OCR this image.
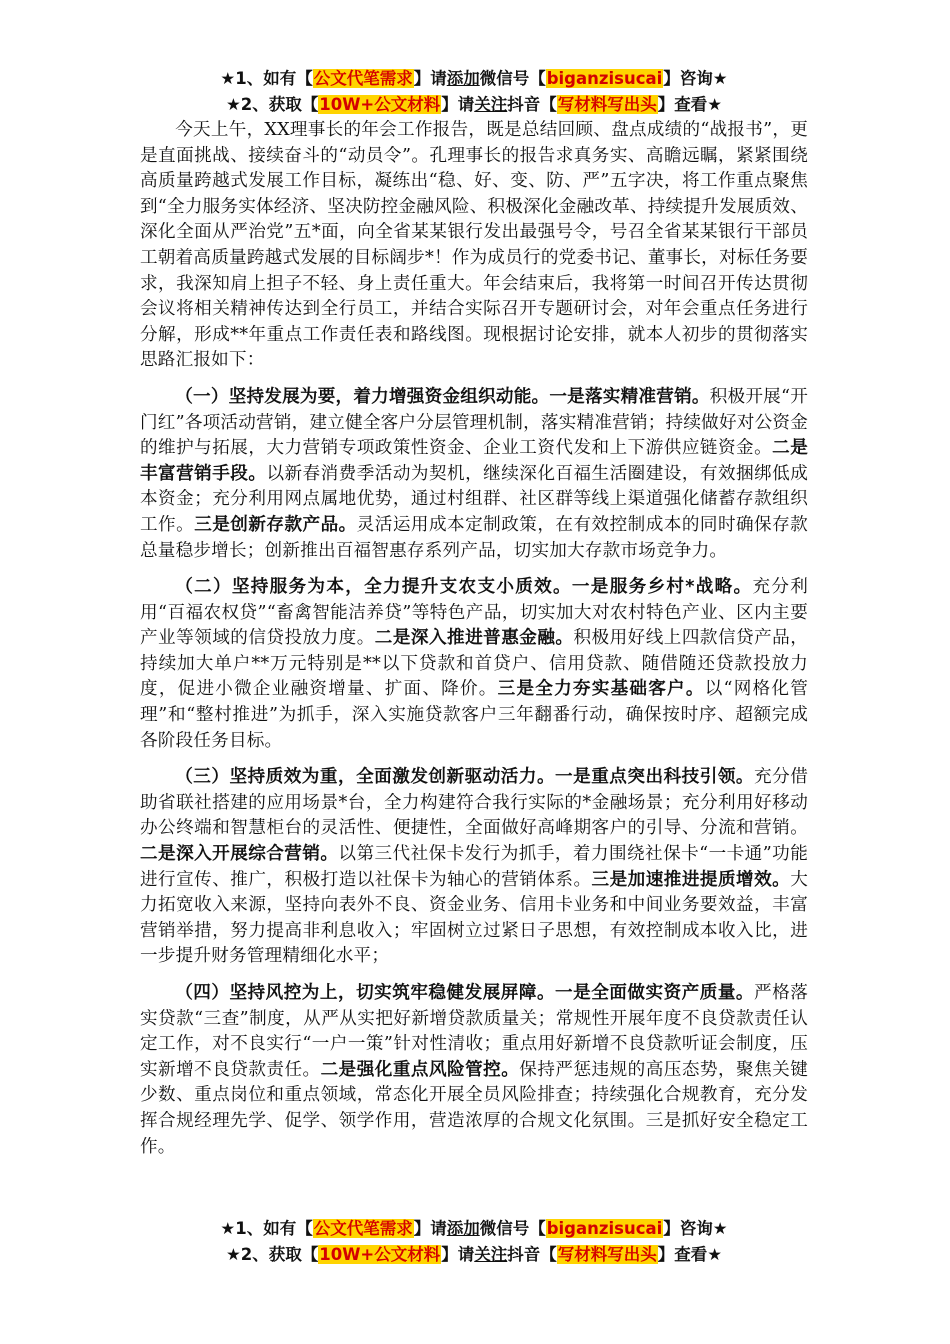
★1、如有【公文代笔需求】请添加微信号【biganzisucai】咨询★
★2、获取【10W+公文材料】请关注抖音【写材料写出头】查看★

今天上午，XX理事长的年会工作报告，既是总结回顾、盘点成绩的“战报书”，更是直面挑战、接续奋斗的“动员令”。孔理事长的报告求真务实、高瞻远瞩，紧紧围绕高质量跨越式发展工作目标，凝练出“稳、好、变、防、严”五字决，将工作重点聚焦到“全力服务实体经济、坚决防控金融风险、积极深化金融改革、持续提升发展质效、深化全面从严治党”五*面，向全省某某银行发出最强号令，号召全省某某银行干部员工朝着高质量跨越式发展的目标阔步*！作为成员行的党委书记、董事长，对标任务要求，我深知肩上担子不轻、身上责任重大。年会结束后，我将第一时间召开传达贯彻会议将相关精神传达到全行员工，并结合实际召开专题研讨会，对年会重点任务进行分解，形成**年重点工作责任表和路线图。现根据讨论安排，就本人初步的贯彻落实思路汇报如下：

（一）坚持发展为要，着力增强资金组织动能。一是落实精准营销。积极开展“开门红”各项活动营销，建立健全客户分层管理机制，落实精准营销；持续做好对公资金的维护与拓展，大力营销专项政策性资金、企业工资代发和上下游供应链资金。二是丰富营销手段。以新春消费季活动为契机，继续深化百福生活圈建设，有效捆绑低成本资金；充分利用网点属地优势，通过村组群、社区群等线上渠道强化储蓄存款组织工作。三是创新存款产品。灵活运用成本定制政策，在有效控制成本的同时确保存款总量稳步增长；创新推出百福智惠存系列产品，切实加大存款市场竞争力。

（二）坚持服务为本，全力提升支农支小质效。一是服务乡村*战略。充分利用“百福农权贷”“畜禽智能洁养贷”等特色产品，切实加大对农村特色产业、区内主要产业等领域的信贷投放力度。二是深入推进普惠金融。积极用好线上四款信贷产品，持续加大单户**万元特别是**以下贷款和首贷户、信用贷款、随借随还贷款投放力度，促进小微企业融资增量、扩面、降价。三是全力夯实基础客户。以“网格化管理”和“整村推进”为抓手，深入实施贷款客户三年翻番行动，确保按时序、超额完成各阶段任务目标。

（三）坚持质效为重，全面激发创新驱动活力。一是重点突出科技引领。充分借助省联社搭建的应用场景*台，全力构建符合我行实际的*金融场景；充分利用好移动办公终端和智慧柜台的灵活性、便捷性，全面做好高峰期客户的引导、分流和营销。二是深入开展综合营销。以第三代社保卡发行为抓手，着力围绕社保卡“一卡通”功能进行宣传、推广，积极打造以社保卡为轴心的营销体系。三是加速推进提质增效。大力拓宽收入来源，坚持向表外不良、资金业务、信用卡业务和中间业务要效益，丰富营销举措，努力提高非利息收入；牢固树立过紧日子思想，有效控制成本收入比，进一步提升财务管理精细化水平；

（四）坚持风控为上，切实筑牢稳健发展屏障。一是全面做实资产质量。严格落实贷款“三查”制度，从严从实把好新增贷款质量关；常规性开展年度不良贷款责任认定工作，对不良实行“一户一策”针对性清收；重点用好新增不良贷款听证会制度，压实新增不良贷款责任。二是强化重点风险管控。保持严惩违规的高压态势，聚焦关键少数、重点岗位和重点领域，常态化开展全员风险排查；持续强化合规教育，充分发挥合规经理先学、促学、领学作用，营造浓厚的合规文化氛围。三是抓好安全稳定工作。

★1、如有【公文代笔需求】请添加微信号【biganzisucai】咨询★
★2、获取【10W+公文材料】请关注抖音【写材料写出头】查看★
